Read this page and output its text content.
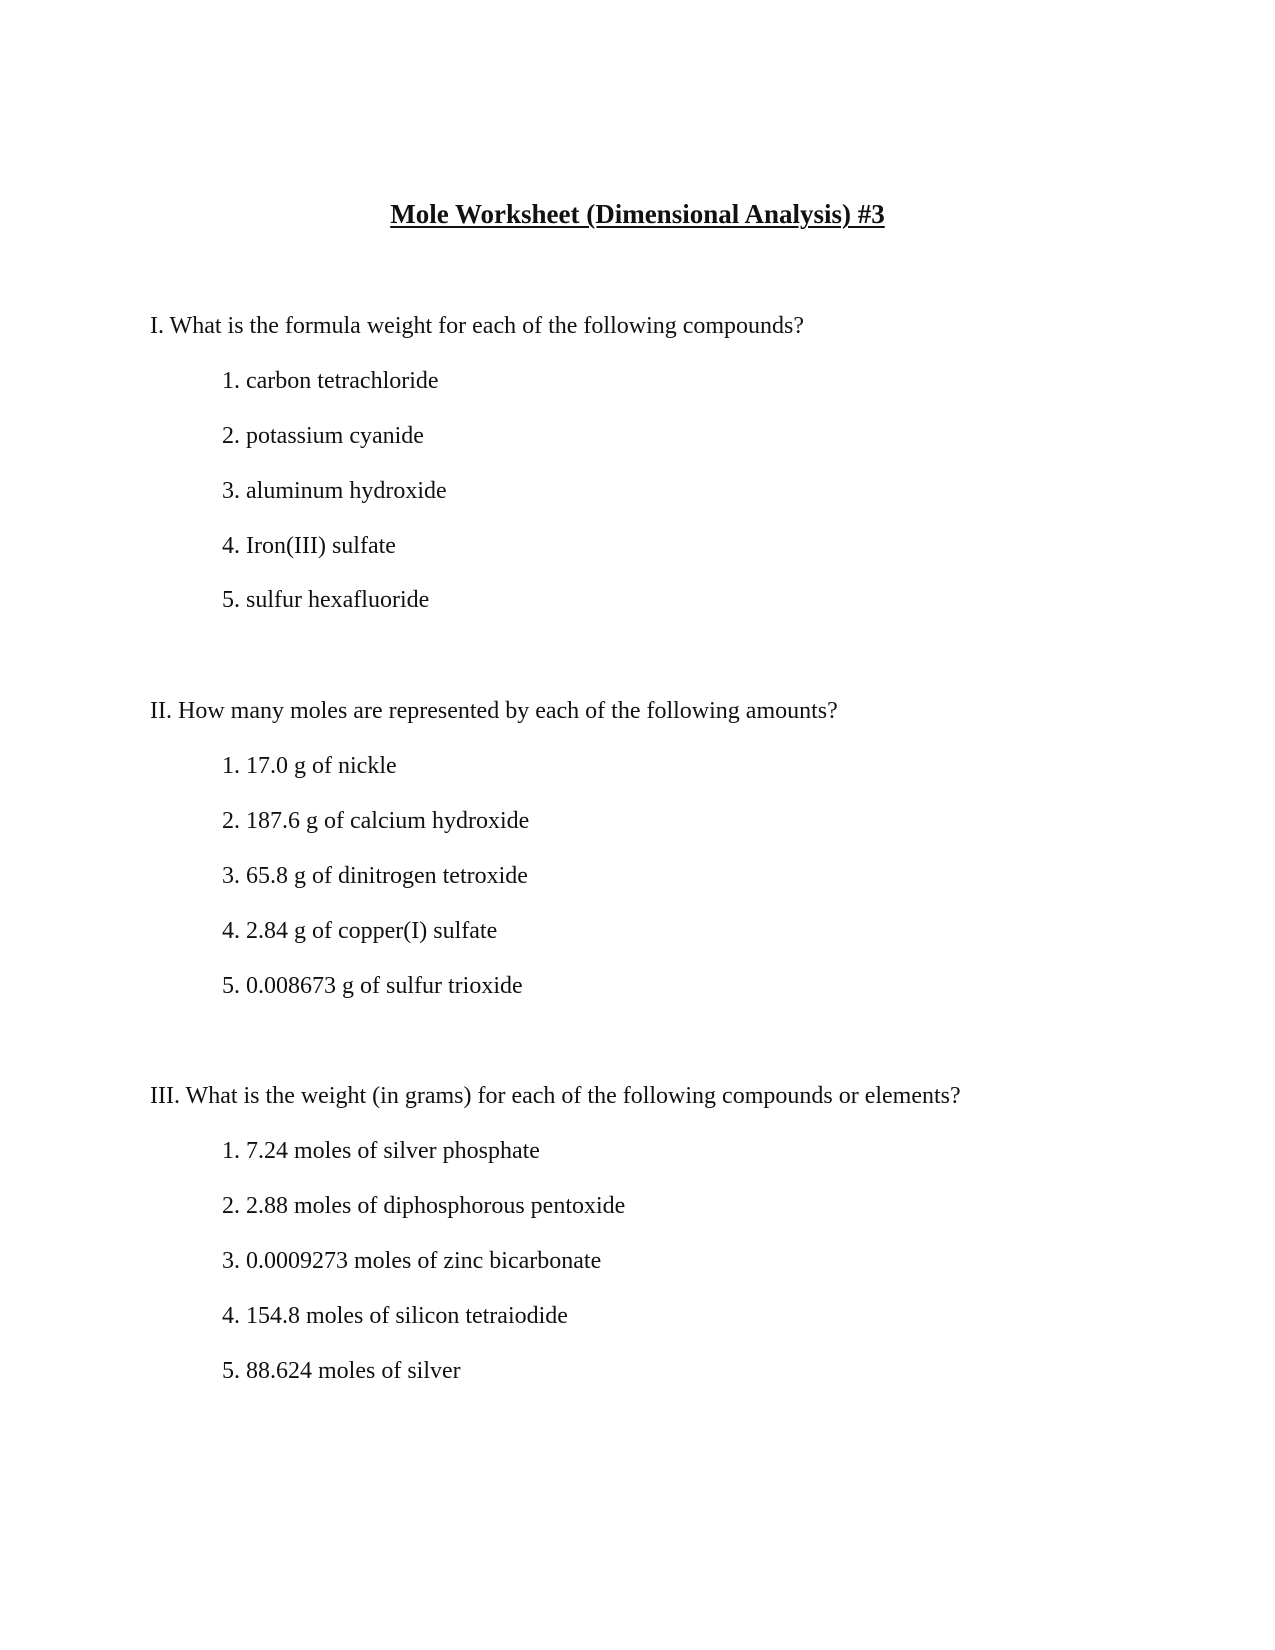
Mole Worksheet (Dimensional Analysis) #3
I. What is the formula weight for each of the following compounds?
1. carbon tetrachloride
2. potassium cyanide
3. aluminum hydroxide
4. Iron(III) sulfate
5. sulfur hexafluoride
II. How many moles are represented by each of the following amounts?
1. 17.0 g of nickle
2. 187.6 g of calcium hydroxide
3. 65.8 g of dinitrogen tetroxide
4. 2.84 g of copper(I) sulfate
5. 0.008673 g of sulfur trioxide
III. What is the weight (in grams) for each of the following compounds or elements?
1. 7.24 moles of silver phosphate
2. 2.88 moles of diphosphorous pentoxide
3. 0.0009273 moles of zinc bicarbonate
4. 154.8 moles of silicon tetraiodide
5. 88.624 moles of silver
